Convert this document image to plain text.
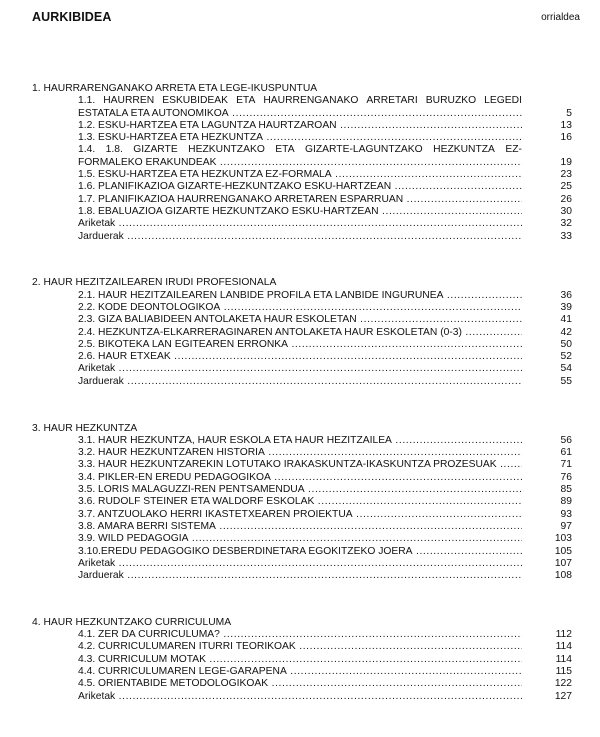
AURKIBIDEA	orrialdea
1. HAURRARENGANAKO ARRETA ETA LEGE-IKUSPUNTUA
1.1. HAURREN ESKUBIDEAK ETA HAURRENGANAKO ARRETARI BURUZKO LEGEDI
ESTATALA ETA AUTONOMIKOA .....	5
1.2. ESKU-HARTZEA ETA LAGUNTZA HAURTZAROAN .....	13
1.3. ESKU-HARTZEA ETA HEZKUNTZA .....	16
1.4. 1.8. GIZARTE HEZKUNTZAKO ETA GIZARTE-LAGUNTZAKO HEZKUNTZA EZ-
FORMALEKO ERAKUNDEAK .....	19
1.5. ESKU-HARTZEA ETA HEZKUNTZA EZ-FORMALA .....	23
1.6. PLANIFIKAZIOA GIZARTE-HEZKUNTZAKO ESKU-HARTZEAN .....	25
1.7. PLANIFIKAZIOA HAURRENGANAKO ARRETAREN ESPARRUAN .....	26
1.8. EBALUAZIOA GIZARTE HEZKUNTZAKO ESKU-HARTZEAN .....	30
Ariketak .....	32
Jarduerak .....	33
2. HAUR HEZITZAILEAREN IRUDI PROFESIONALA
2.1. HAUR HEZITZAILEAREN LANBIDE PROFILA ETA LANBIDE INGURUNEA .....	36
2.2. KODE DEONTOLOGIKOA .....	39
2.3. GIZA BALIABIDEEN ANTOLAKETA HAUR ESKOLETAN .....	41
2.4. HEZKUNTZA-ELKARRERAGINAREN ANTOLAKETA HAUR ESKOLETAN (0-3) .....	42
2.5. BIKOTEKA LAN EGITEAREN ERRONKA .....	50
2.6. HAUR ETXEAK .....	52
Ariketak .....	54
Jarduerak .....	55
3. HAUR HEZKUNTZA
3.1. HAUR HEZKUNTZA, HAUR ESKOLA ETA HAUR HEZITZAILEA .....	56
3.2. HAUR HEZKUNTZAREN HISTORIA .....	61
3.3. HAUR HEZKUNTZAREKIN LOTUTAKO IRAKASKUNTZA-IKASKUNTZA PROZESUAK .....	71
3.4. PIKLER-EN EREDU PEDAGOGIKOA .....	76
3.5. LORIS MALAGUZZI-REN PENTSAMENDUA .....	85
3.6. RUDOLF STEINER ETA WALDORF ESKOLAK .....	89
3.7. ANTZUOLAKO HERRI IKASTETXEAREN PROIEKTUA .....	93
3.8. AMARA BERRI SISTEMA .....	97
3.9. WILD PEDAGOGIA .....	103
3.10.EREDU PEDAGOGIKO DESBERDINETARA EGOKITZEKO JOERA .....	105
Ariketak .....	107
Jarduerak .....	108
4. HAUR HEZKUNTZAKO CURRICULUMA
4.1. ZER DA CURRICULUMA? .....	112
4.2. CURRICULUMAREN ITURRI TEORIKOAK .....	114
4.3. CURRICULUM MOTAK .....	114
4.4. CURRICULUMAREN LEGE-GARAPENA .....	115
4.5. ORIENTABIDE METODOLOGIKOAK .....	122
Ariketak .....	127
